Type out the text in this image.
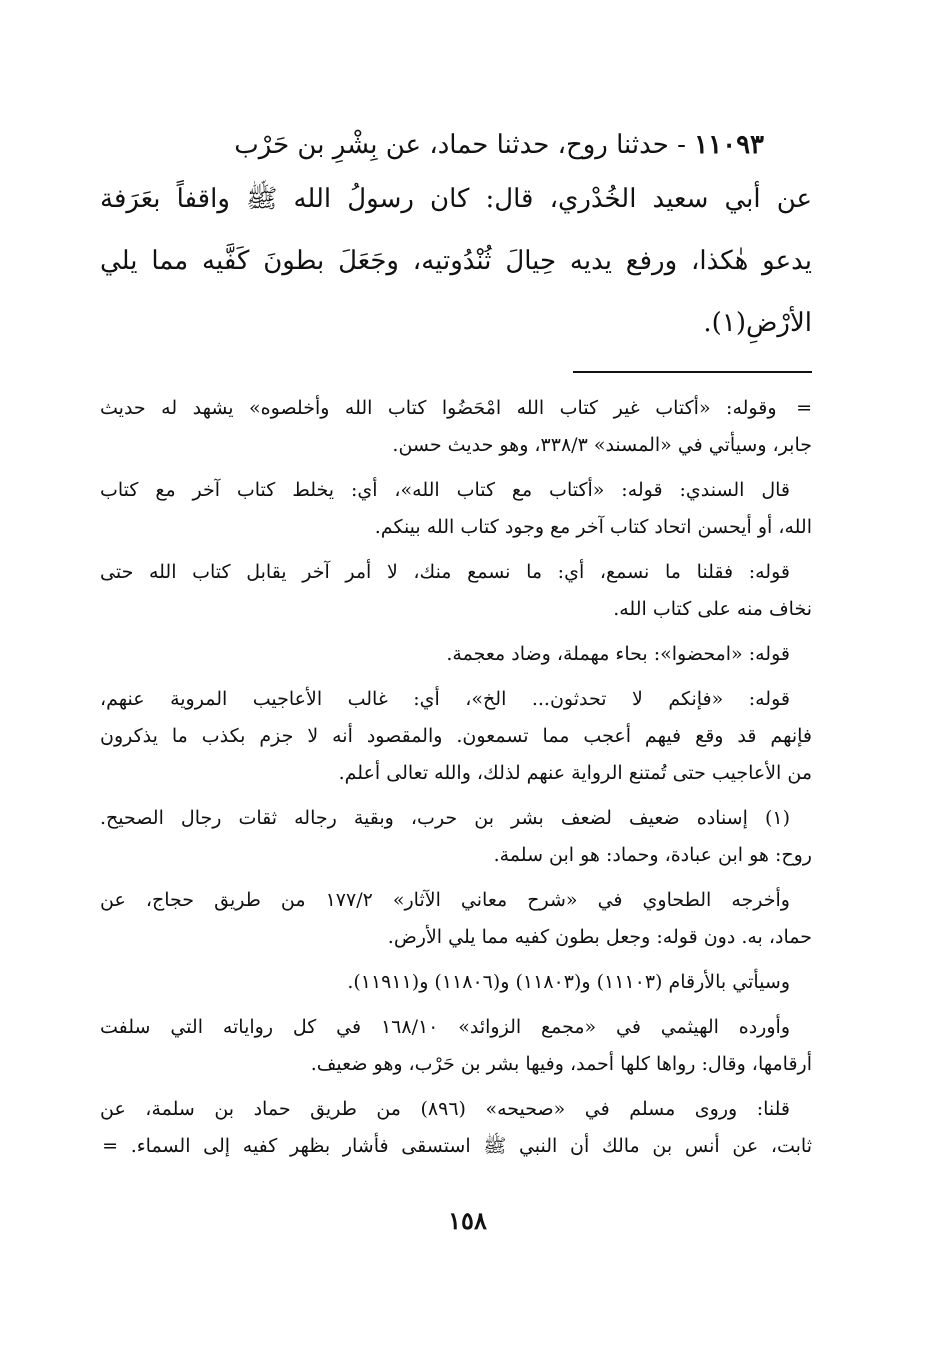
١١٠٩٣ - حدثنا روح، حدثنا حماد، عن بِشْرِ بن حَرْب
عن أبي سعيد الخُدْري، قال: كان رسولُ الله ﷺ واقفاً بعَرَفة
يدعو هٰكذا، ورفع يديه حِيالَ ثُنْدُوتيه، وجَعَلَ بطونَ كَفَّيه مما يلي
الأرْضِ(١).
= وقوله: «أكتاب غير كتاب الله امْحَضُوا كتاب الله وأخلصوه» يشهد له حديث
جابر، وسيأتي في «المسند» ٣٣٨/٣، وهو حديث حسن.
قال السندي: قوله: «أكتاب مع كتاب الله»، أي: يخلط كتاب آخر مع كتاب
الله، أو أيحسن اتحاد كتاب آخر مع وجود كتاب الله بينكم.
قوله: فقلنا ما نسمع، أي: ما نسمع منك، لا أمر آخر يقابل كتاب الله حتى
نخاف منه على كتاب الله.
قوله: «امحضوا»: بحاء مهملة، وضاد معجمة.
قوله: «فإنكم لا تحدثون... الخ»، أي: غالب الأعاجيب المروية عنهم،
فإنهم قد وقع فيهم أعجب مما تسمعون. والمقصود أنه لا جزم بكذب ما يذكرون
من الأعاجيب حتى تُمتنع الرواية عنهم لذلك، والله تعالى أعلم.
(١) إسناده ضعيف لضعف بشر بن حرب، وبقية رجاله ثقات رجال الصحيح.
روح: هو ابن عبادة، وحماد: هو ابن سلمة.
وأخرجه الطحاوي في «شرح معاني الآثار» ١٧٧/٢ من طريق حجاج، عن
حماد، به. دون قوله: وجعل بطون كفيه مما يلي الأرض.
وسيأتي بالأرقام (١١١٠٣) و(١١٨٠٣) و(١١٨٠٦) و(١١٩١١).
وأورده الهيثمي في «مجمع الزوائد» ١٦٨/١٠ في كل رواياته التي سلفت
أرقامها، وقال: رواها كلها أحمد، وفيها بشر بن حَرْب، وهو ضعيف.
قلنا: وروى مسلم في «صحيحه» (٨٩٦) من طريق حماد بن سلمة، عن
ثابت، عن أنس بن مالك أن النبي ﷺ استسقى فأشار بظهر كفيه إلى السماء. =
١٥٨
